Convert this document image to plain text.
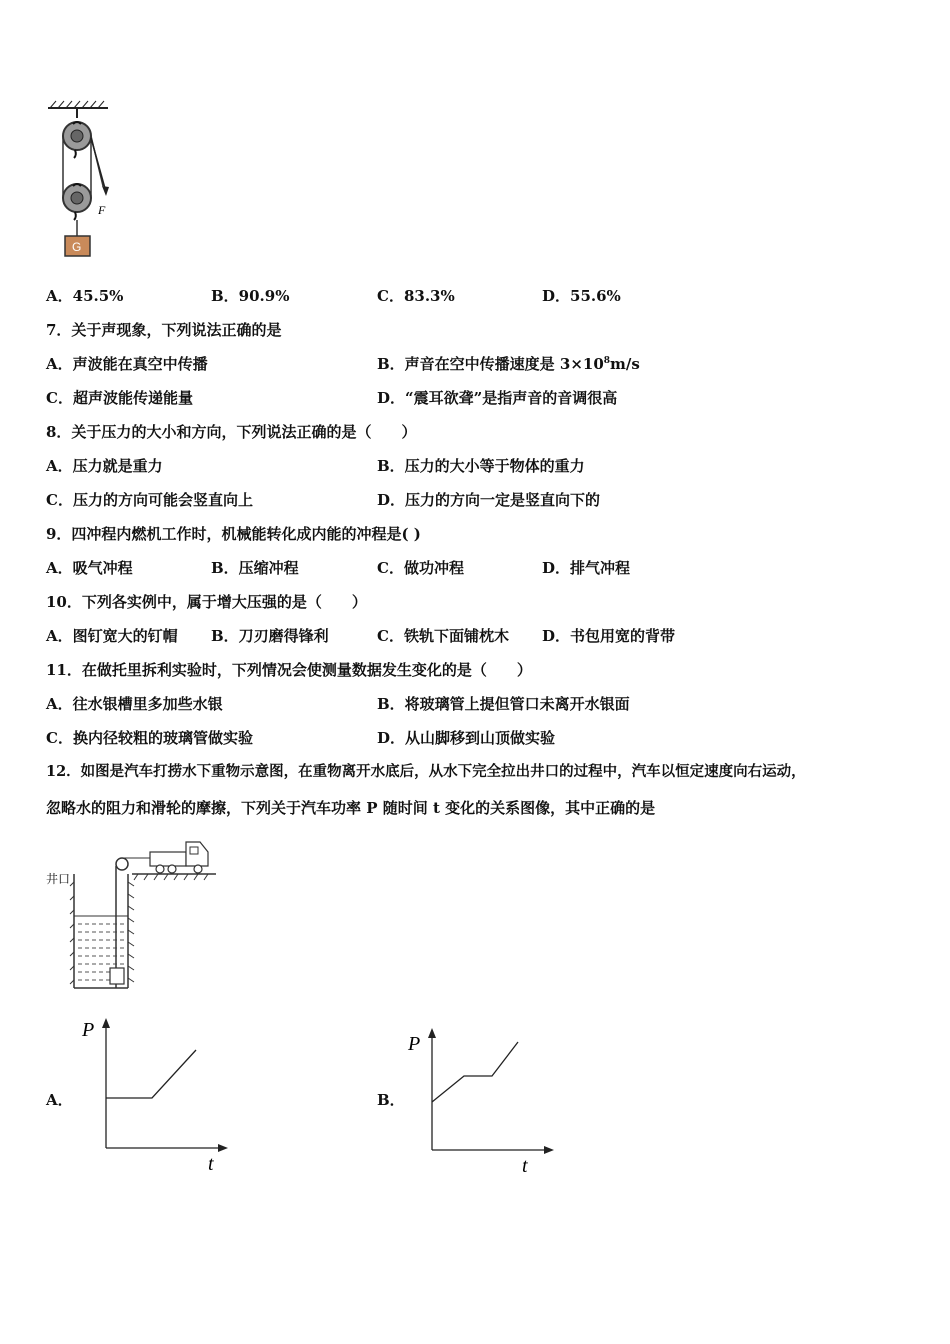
F
G
A．45.5%	B．90.9%	C．83.3%	D．55.6%
7．关于声现象，下列说法正确的是
A．声波能在真空中传播	B．声音在空中传播速度是 $3\times 10^8m/s$
C．超声波能传递能量	D．“震耳欲聋”是指声音的音调很高
8．关于压力的大小和方向，下列说法正确的是（　　）
A．压力就是重力	B．压力的大小等于物体的重力
C．压力的方向可能会竖直向上	D．压力的方向一定是竖直向下的
9．四冲程内燃机工作时，机械能转化成内能的冲程是( )
A．吸气冲程	B．压缩冲程	C．做功冲程	D．排气冲程
10．下列各实例中，属于增大压强的是（　　）
A．图钉宽大的钉帽 B．刀刃磨得锋利	C．铁轨下面铺枕木 D．书包用宽的背带
11．在做托里拆利实验时，下列情况会使测量数据发生变化的是（　　）
A．往水银槽里多加些水银	B．将玻璃管上提但管口未离开水银面
C．换内径较粗的玻璃管做实验	D．从山脚移到山顶做实验
12．如图是汽车打捞水下重物示意图，在重物离开水底后，从水下完全拉出井口的过程中，汽车以恒定速度向右运动，
忽略水的阻力和滑轮的摩擦，下列关于汽车功率 P 随时间 t 变化的关系图像，其中正确的是
井口
A．
P
t
B．
P
t
